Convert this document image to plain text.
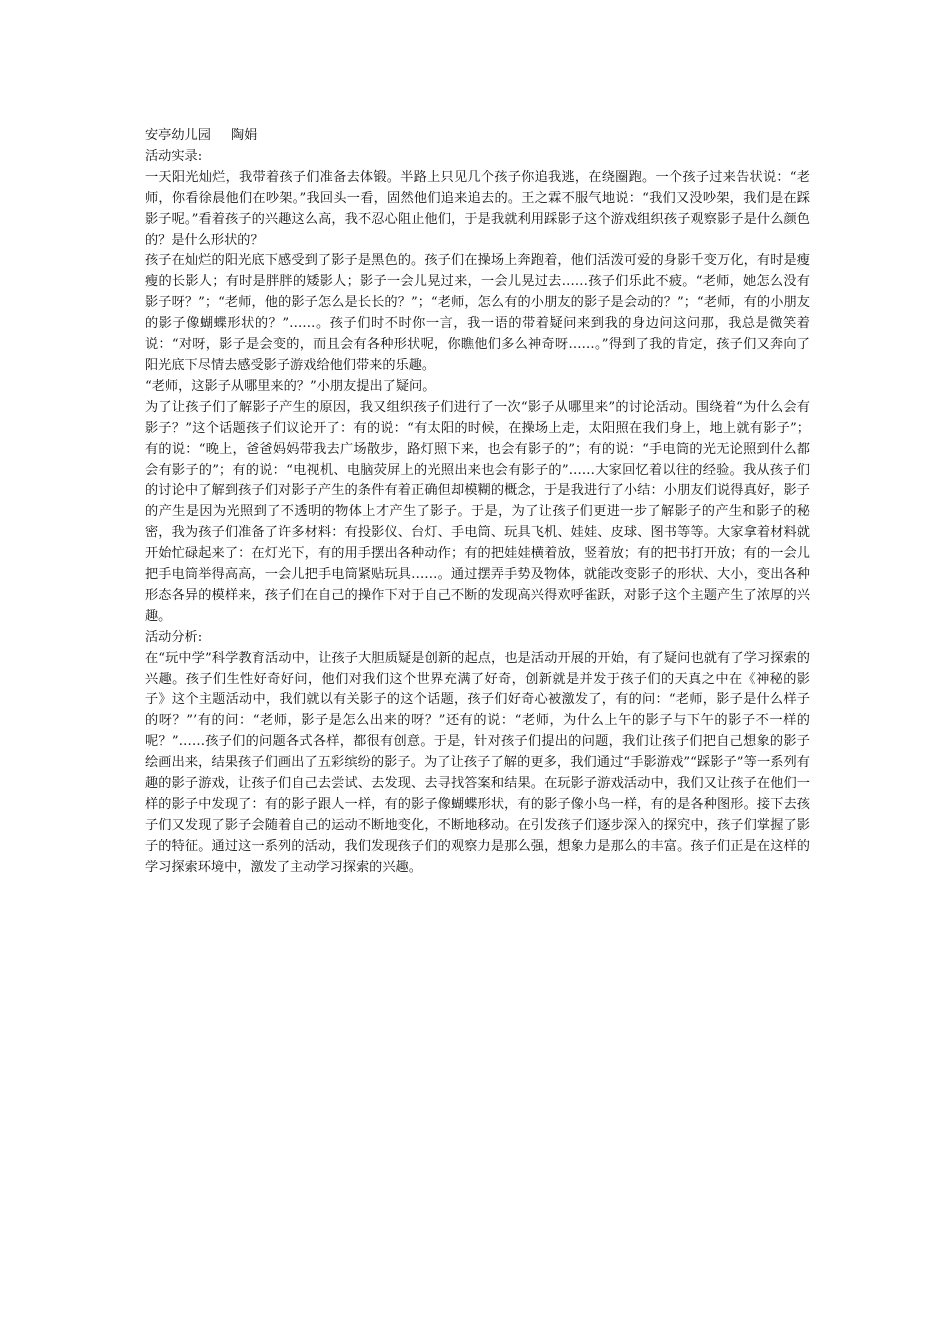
安亭幼儿园 陶娟

活动实录:

一天阳光灿烂，我带着孩子们准备去体锻。半路上只见几个孩子你追我逃，在绕圈跑。一个孩子过来告状说：“老师，你看徐晨他们在吵架。”我回头一看，固然他们追来追去的。王之霖不服气地说：“我们又没吵架，我们是在踩影子呢。”看着孩子的兴趣这么高，我不忍心阻止他们，于是我就利用踩影子这个游戏组织孩子观察影子是什么颜色的？是什么形状的？

孩子在灿烂的阳光底下感受到了影子是黑色的。孩子们在操场上奔跑着，他们活泼可爱的身影千变万化，有时是瘦瘦的长影人；有时是胖胖的矮影人；影子一会儿晃过来，一会儿晃过去……孩子们乐此不疲。“老师，她怎么没有影子呀？”；“老师，他的影子怎么是长长的？”；“老师，怎么有的小朋友的影子是会动的？”；“老师，有的小朋友的影子像蝴蝶形状的？”……。孩子们时不时你一言，我一语的带着疑问来到我的身边问这问那，我总是微笑着说：“对呀，影子是会变的，而且会有各种形状呢，你瞧他们多么神奇呀……。”得到了我的肯定，孩子们又奔向了阳光底下尽情去感受影子游戏给他们带来的乐趣。

“老师，这影子从哪里来的？”小朋友提出了疑问。

为了让孩子们了解影子产生的原因，我又组织孩子们进行了一次“影子从哪里来”的讨论活动。围绕着“为什么会有影子？”这个话题孩子们议论开了：有的说：“有太阳的时候，在操场上走，太阳照在我们身上，地上就有影子”；有的说：“晚上，爸爸妈妈带我去广场散步，路灯照下来，也会有影子的”；有的说：“手电筒的光无论照到什么都会有影子的”；有的说：“电视机、电脑荧屏上的光照出来也会有影子的”……大家回忆着以往的经验。我从孩子们的讨论中了解到孩子们对影子产生的条件有着正确但却模糊的概念，于是我进行了小结：小朋友们说得真好，影子的产生是因为光照到了不透明的物体上才产生了影子。于是，为了让孩子们更进一步了解影子的产生和影子的秘密，我为孩子们准备了许多材料：有投影仪、台灯、手电筒、玩具飞机、娃娃、皮球、图书等等。大家拿着材料就开始忙碌起来了：在灯光下，有的用手摆出各种动作；有的把娃娃横着放，竖着放；有的把书打开放；有的一会儿把手电筒举得高高，一会儿把手电筒紧贴玩具……。通过摆弄手势及物体，就能改变影子的形状、大小，变出各种形态各异的模样来，孩子们在自己的操作下对于自己不断的发现高兴得欢呼雀跃，对影子这个主题产生了浓厚的兴趣。

活动分析:

在“玩中学”科学教育活动中，让孩子大胆质疑是创新的起点，也是活动开展的开始，有了疑问也就有了学习探索的兴趣。孩子们生性好奇好问，他们对我们这个世界充满了好奇，创新就是并发于孩子们的天真之中在《神秘的影子》这个主题活动中，我们就以有关影子的这个话题，孩子们好奇心被激发了，有的问：“老师，影子是什么样子的呀？”’有的问：“老师，影子是怎么出来的呀？”还有的说：“老师，为什么上午的影子与下午的影子不一样的呢？”……孩子们的问题各式各样，都很有创意。于是，针对孩子们提出的问题，我们让孩子们把自己想象的影子绘画出来，结果孩子们画出了五彩缤纷的影子。为了让孩子了解的更多，我们通过“手影游戏”“踩影子”等一系列有趣的影子游戏，让孩子们自己去尝试、去发现、去寻找答案和结果。在玩影子游戏活动中，我们又让孩子在他们一样的影子中发现了：有的影子跟人一样，有的影子像蝴蝶形状，有的影子像小鸟一样，有的是各种图形。接下去孩子们又发现了影子会随着自己的运动不断地变化，不断地移动。在引发孩子们逐步深入的探究中，孩子们掌握了影子的特征。通过这一系列的活动，我们发现孩子们的观察力是那么强，想象力是那么的丰富。孩子们正是在这样的学习探索环境中，激发了主动学习探索的兴趣。
